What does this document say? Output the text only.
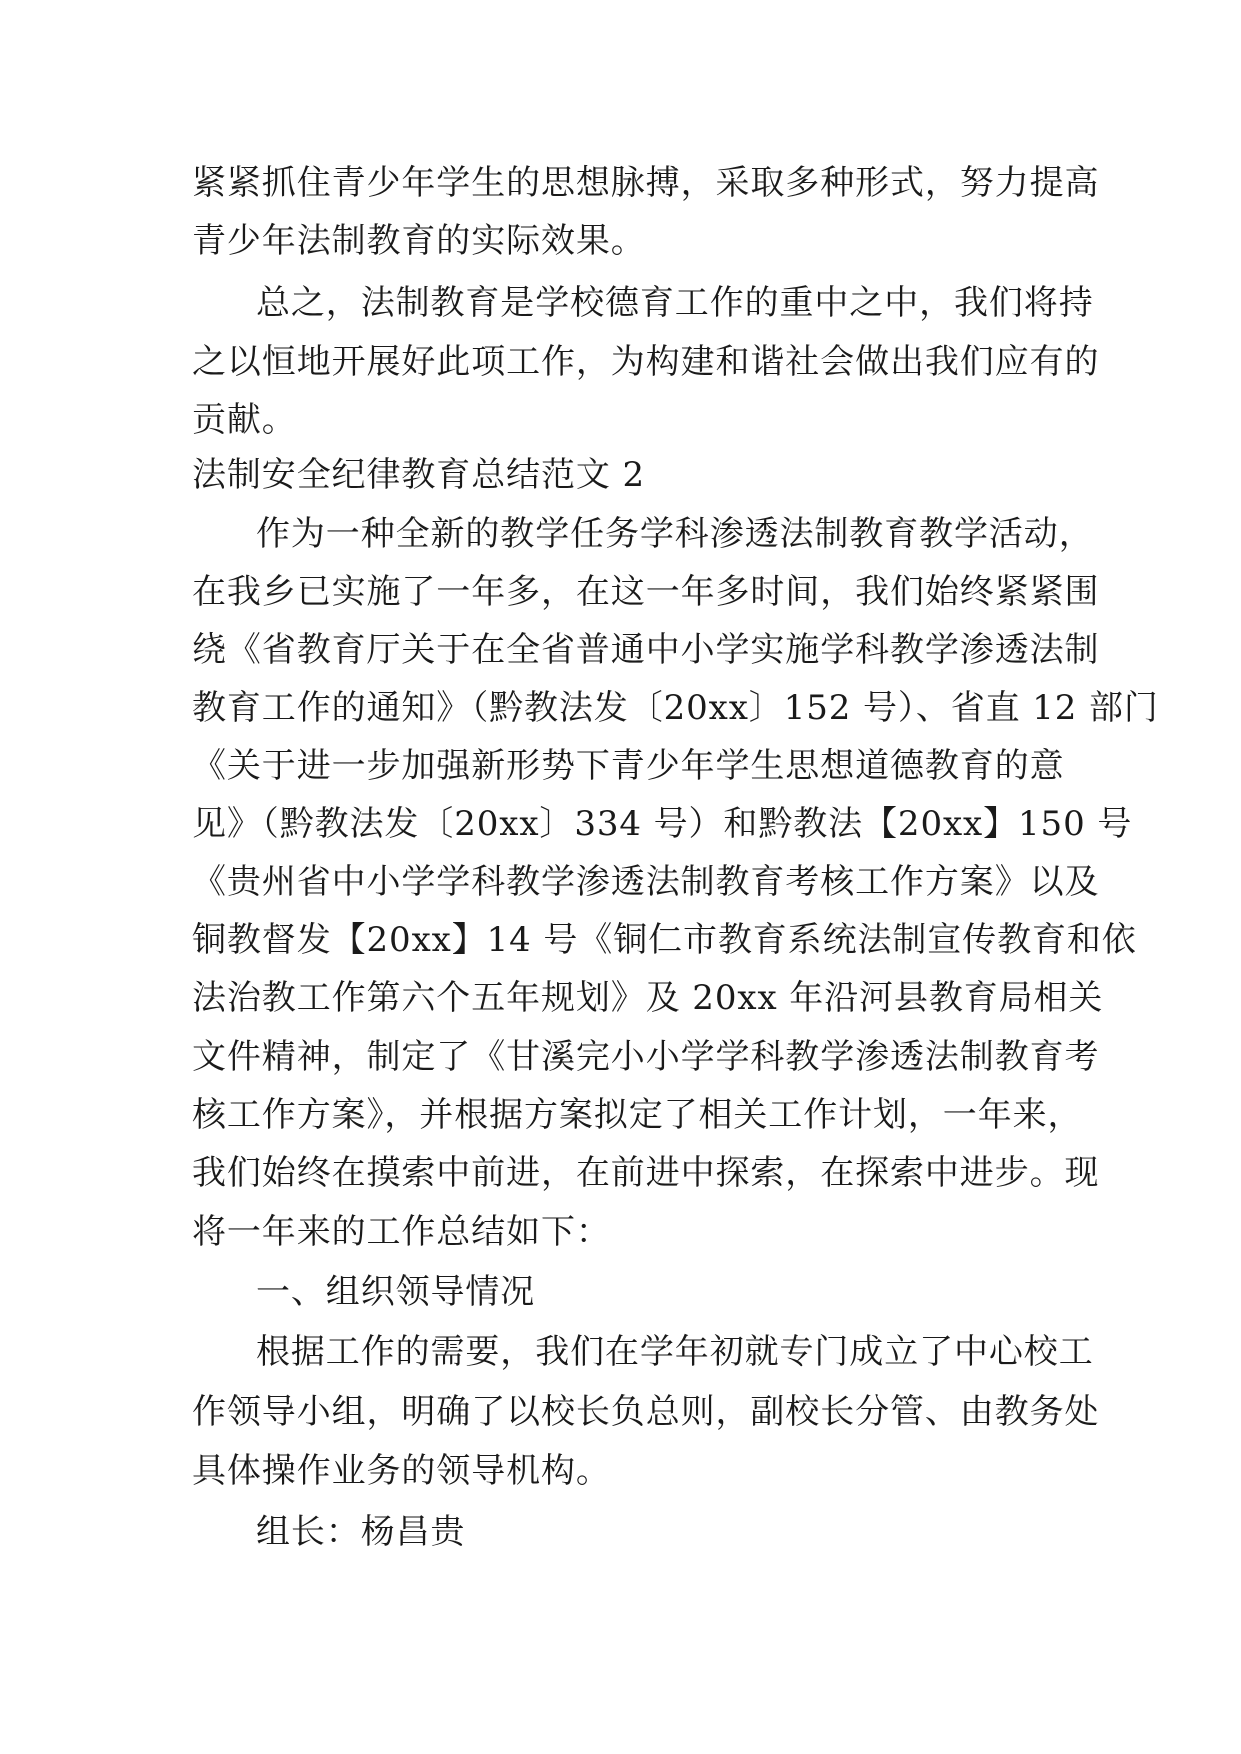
紧紧抓住青少年学生的思想脉搏，采取多种形式，努力提高
青少年法制教育的实际效果。
总之，法制教育是学校德育工作的重中之中，我们将持
之以恒地开展好此项工作，为构建和谐社会做出我们应有的
贡献。
法制安全纪律教育总结范文 2
作为一种全新的教学任务学科渗透法制教育教学活动，
在我乡已实施了一年多，在这一年多时间，我们始终紧紧围
绕《省教育厅关于在全省普通中小学实施学科教学渗透法制
教育工作的通知》（黔教法发〔20xx〕152 号）、省直 12 部门
《关于进一步加强新形势下青少年学生思想道德教育的意
见》（黔教法发〔20xx〕334 号）和黔教法【20xx】150 号
《贵州省中小学学科教学渗透法制教育考核工作方案》以及
铜教督发【20xx】14 号《铜仁市教育系统法制宣传教育和依
法治教工作第六个五年规划》及 20xx 年沿河县教育局相关
文件精神，制定了《甘溪完小小学学科教学渗透法制教育考
核工作方案》，并根据方案拟定了相关工作计划，一年来，
我们始终在摸索中前进，在前进中探索，在探索中进步。现
将一年来的工作总结如下：
一、组织领导情况
根据工作的需要，我们在学年初就专门成立了中心校工
作领导小组，明确了以校长负总则，副校长分管、由教务处
具体操作业务的领导机构。
组长：杨昌贵
